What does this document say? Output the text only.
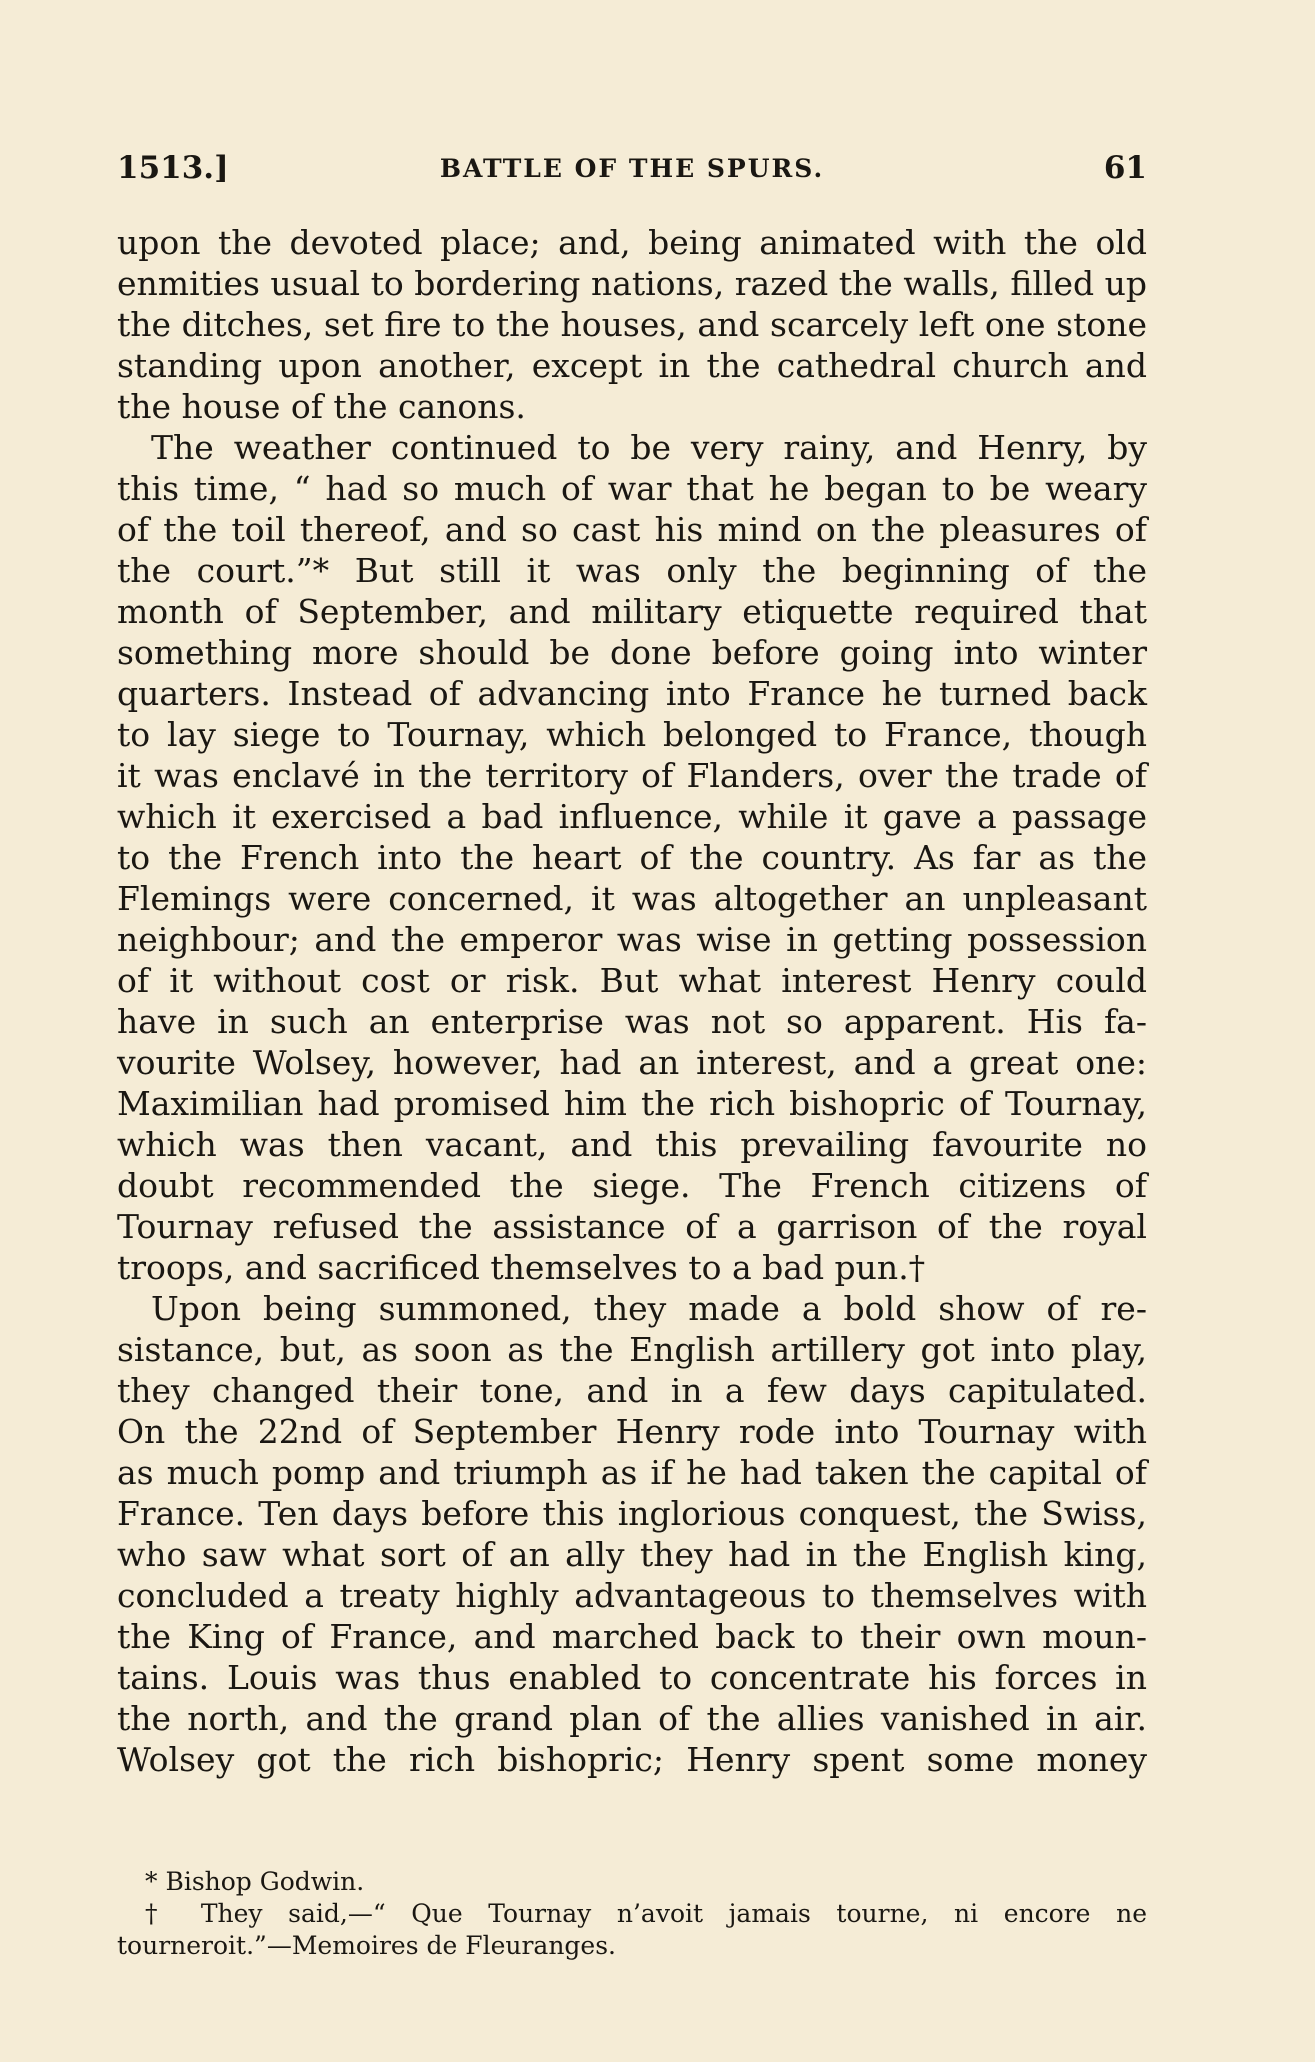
1513.]	BATTLE OF THE SPURS.	61
upon the devoted place; and, being animated with the old
enmities usual to bordering nations, razed the walls, filled up
the ditches, set fire to the houses, and scarcely left one stone
standing upon another, except in the cathedral church and
the house of the canons.
The weather continued to be very rainy, and Henry, by
this time, “ had so much of war that he began to be weary
of the toil thereof, and so cast his mind on the pleasures of
the court.”* But still it was only the beginning of the
month of September, and military etiquette required that
something more should be done before going into winter
quarters. Instead of advancing into France he turned back
to lay siege to Tournay, which belonged to France, though
it was enclavé in the territory of Flanders, over the trade of
which it exercised a bad influence, while it gave a passage
to the French into the heart of the country. As far as the
Flemings were concerned, it was altogether an unpleasant
neighbour; and the emperor was wise in getting possession
of it without cost or risk. But what interest Henry could
have in such an enterprise was not so apparent. His fa-
vourite Wolsey, however, had an interest, and a great one:
Maximilian had promised him the rich bishopric of Tournay,
which was then vacant, and this prevailing favourite no
doubt recommended the siege. The French citizens of
Tournay refused the assistance of a garrison of the royal
troops, and sacrificed themselves to a bad pun.†
Upon being summoned, they made a bold show of re-
sistance, but, as soon as the English artillery got into play,
they changed their tone, and in a few days capitulated.
On the 22nd of September Henry rode into Tournay with
as much pomp and triumph as if he had taken the capital of
France. Ten days before this inglorious conquest, the Swiss,
who saw what sort of an ally they had in the English king,
concluded a treaty highly advantageous to themselves with
the King of France, and marched back to their own moun-
tains. Louis was thus enabled to concentrate his forces in
the north, and the grand plan of the allies vanished in air.
Wolsey got the rich bishopric; Henry spent some money
* Bishop Godwin.
† They said,—“ Que Tournay n’avoit jamais tourne, ni encore ne
tourneroit.”—Memoires de Fleuranges.
